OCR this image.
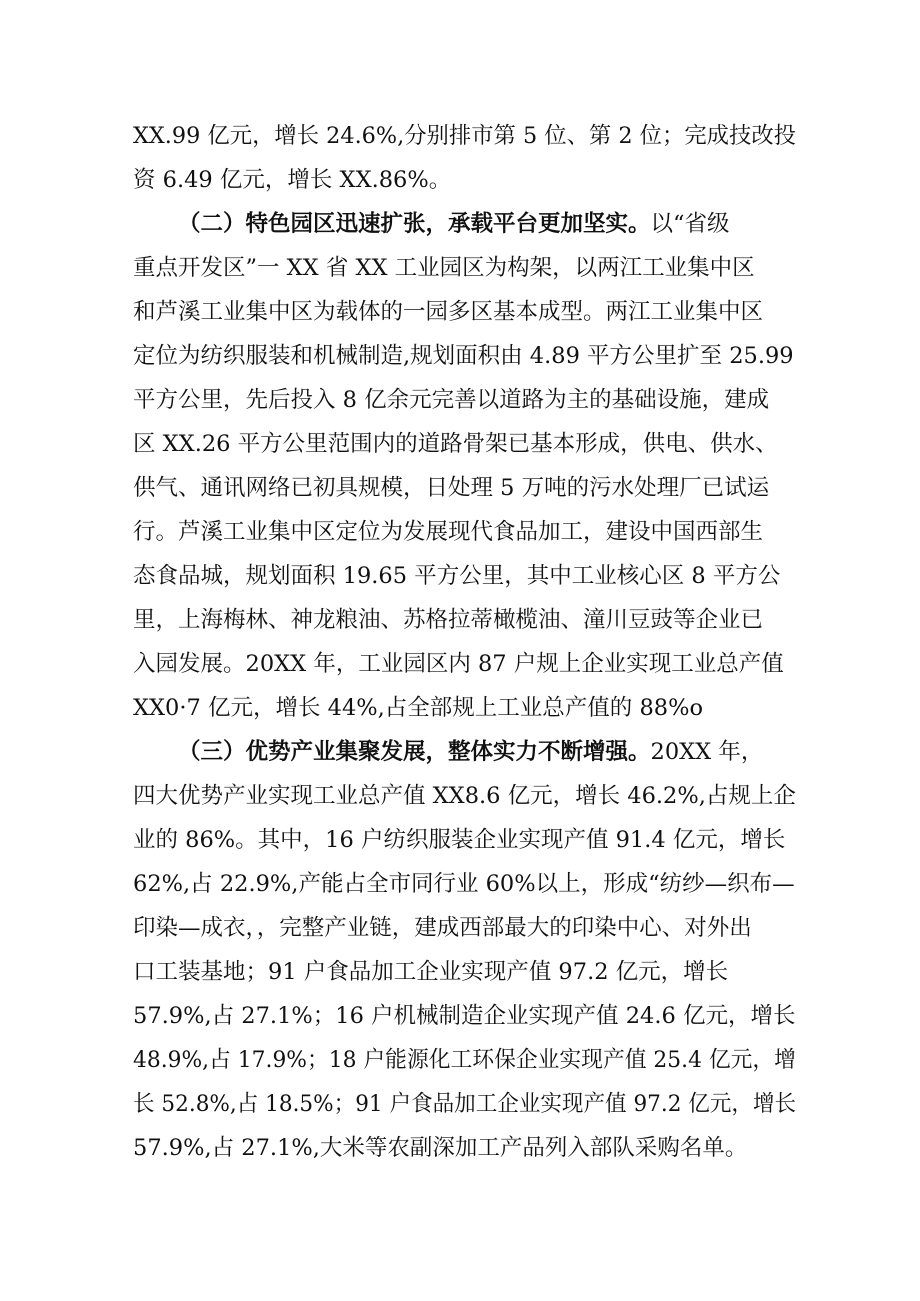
XX.99 亿元，增长 24.6%,分别排市第 5 位、第 2 位；完成技改投
资 6.49 亿元，增长 XX.86%。
（二）特色园区迅速扩张，承载平台更加坚实。以“省级
重点开发区”一 XX 省 XX 工业园区为构架，以两江工业集中区
和芦溪工业集中区为载体的一园多区基本成型。两江工业集中区
定位为纺织服装和机械制造,规划面积由 4.89 平方公里扩至 25.99
平方公里，先后投入 8 亿余元完善以道路为主的基础设施，建成
区 XX.26 平方公里范围内的道路骨架已基本形成，供电、供水、
供气、通讯网络已初具规模，日处理 5 万吨的污水处理厂已试运
行。芦溪工业集中区定位为发展现代食品加工，建设中国西部生
态食品城，规划面积 19.65 平方公里，其中工业核心区 8 平方公
里，上海梅林、神龙粮油、苏格拉蒂橄榄油、潼川豆豉等企业已
入园发展。20XX 年，工业园区内 87 户规上企业实现工业总产值
XX0·7 亿元，增长 44%,占全部规上工业总产值的 88%o
（三）优势产业集聚发展，整体实力不断增强。20XX 年，
四大优势产业实现工业总产值 XX8.6 亿元，增长 46.2%,占规上企
业的 86%。其中，16 户纺织服装企业实现产值 91.4 亿元，增长
62%,占 22.9%,产能占全市同行业 60%以上，形成“纺纱—织布—
印染—成衣，，完整产业链，建成西部最大的印染中心、对外出
口工装基地；91 户食品加工企业实现产值 97.2 亿元，增长
57.9%,占 27.1%；16 户机械制造企业实现产值 24.6 亿元，增长
48.9%,占 17.9%；18 户能源化工环保企业实现产值 25.4 亿元，增
长 52.8%,占 18.5%；91 户食品加工企业实现产值 97.2 亿元，增长
57.9%,占 27.1%,大米等农副深加工产品列入部队采购名单。
